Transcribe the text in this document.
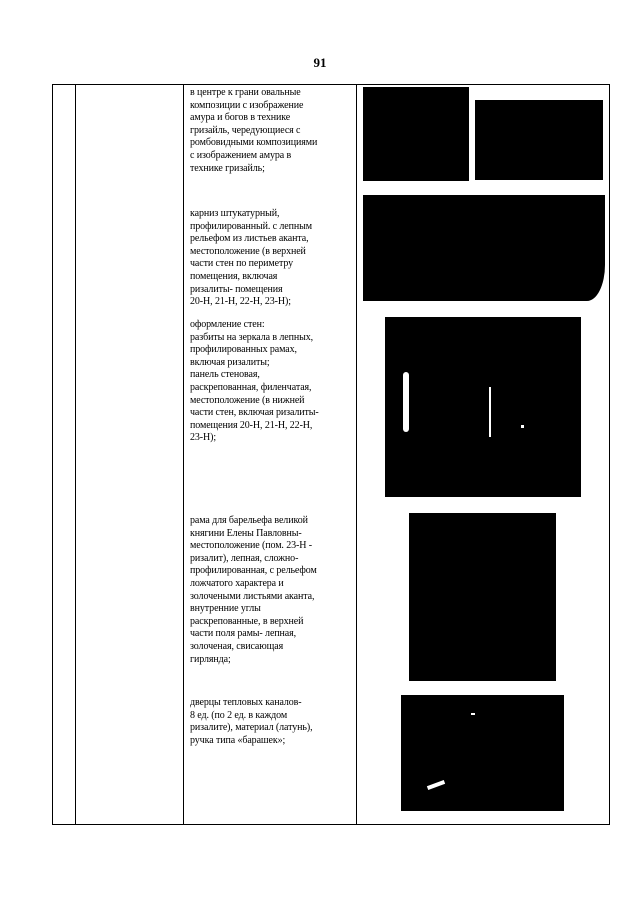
91

в центре к грани овальные
композиции с изображение
амура и богов в технике
гризайль, чередующиеся с
ромбовидными композициями
с изображением амура в
технике гризайль;

карниз штукатурный,
профилированный. с лепным
рельефом из листьев аканта,
местоположение (в верхней
части стен по периметру
помещения, включая
ризалиты- помещения
20-Н, 21-Н, 22-Н, 23-Н);

оформление стен:
разбиты на зеркала в лепных,
профилированных рамах,
включая ризалиты;
панель стеновая,
раскрепованная, филенчатая,
местоположение (в нижней
части стен, включая ризалиты-
помещения 20-Н, 21-Н, 22-Н,
23-Н);

рама для барельефа великой
княгини Елены Павловны-
местоположение (пом. 23-Н -
ризалит), лепная, сложно-
профилированная, с рельефом
ложчатого характера и
золочеными листьями аканта,
внутренние углы
раскрепованные, в верхней
части поля рамы- лепная,
золоченая, свисающая
гирлянда;

дверцы тепловых каналов-
8 ед. (по 2 ед. в каждом
ризалите), материал (латунь),
ручка типа «барашек»;
